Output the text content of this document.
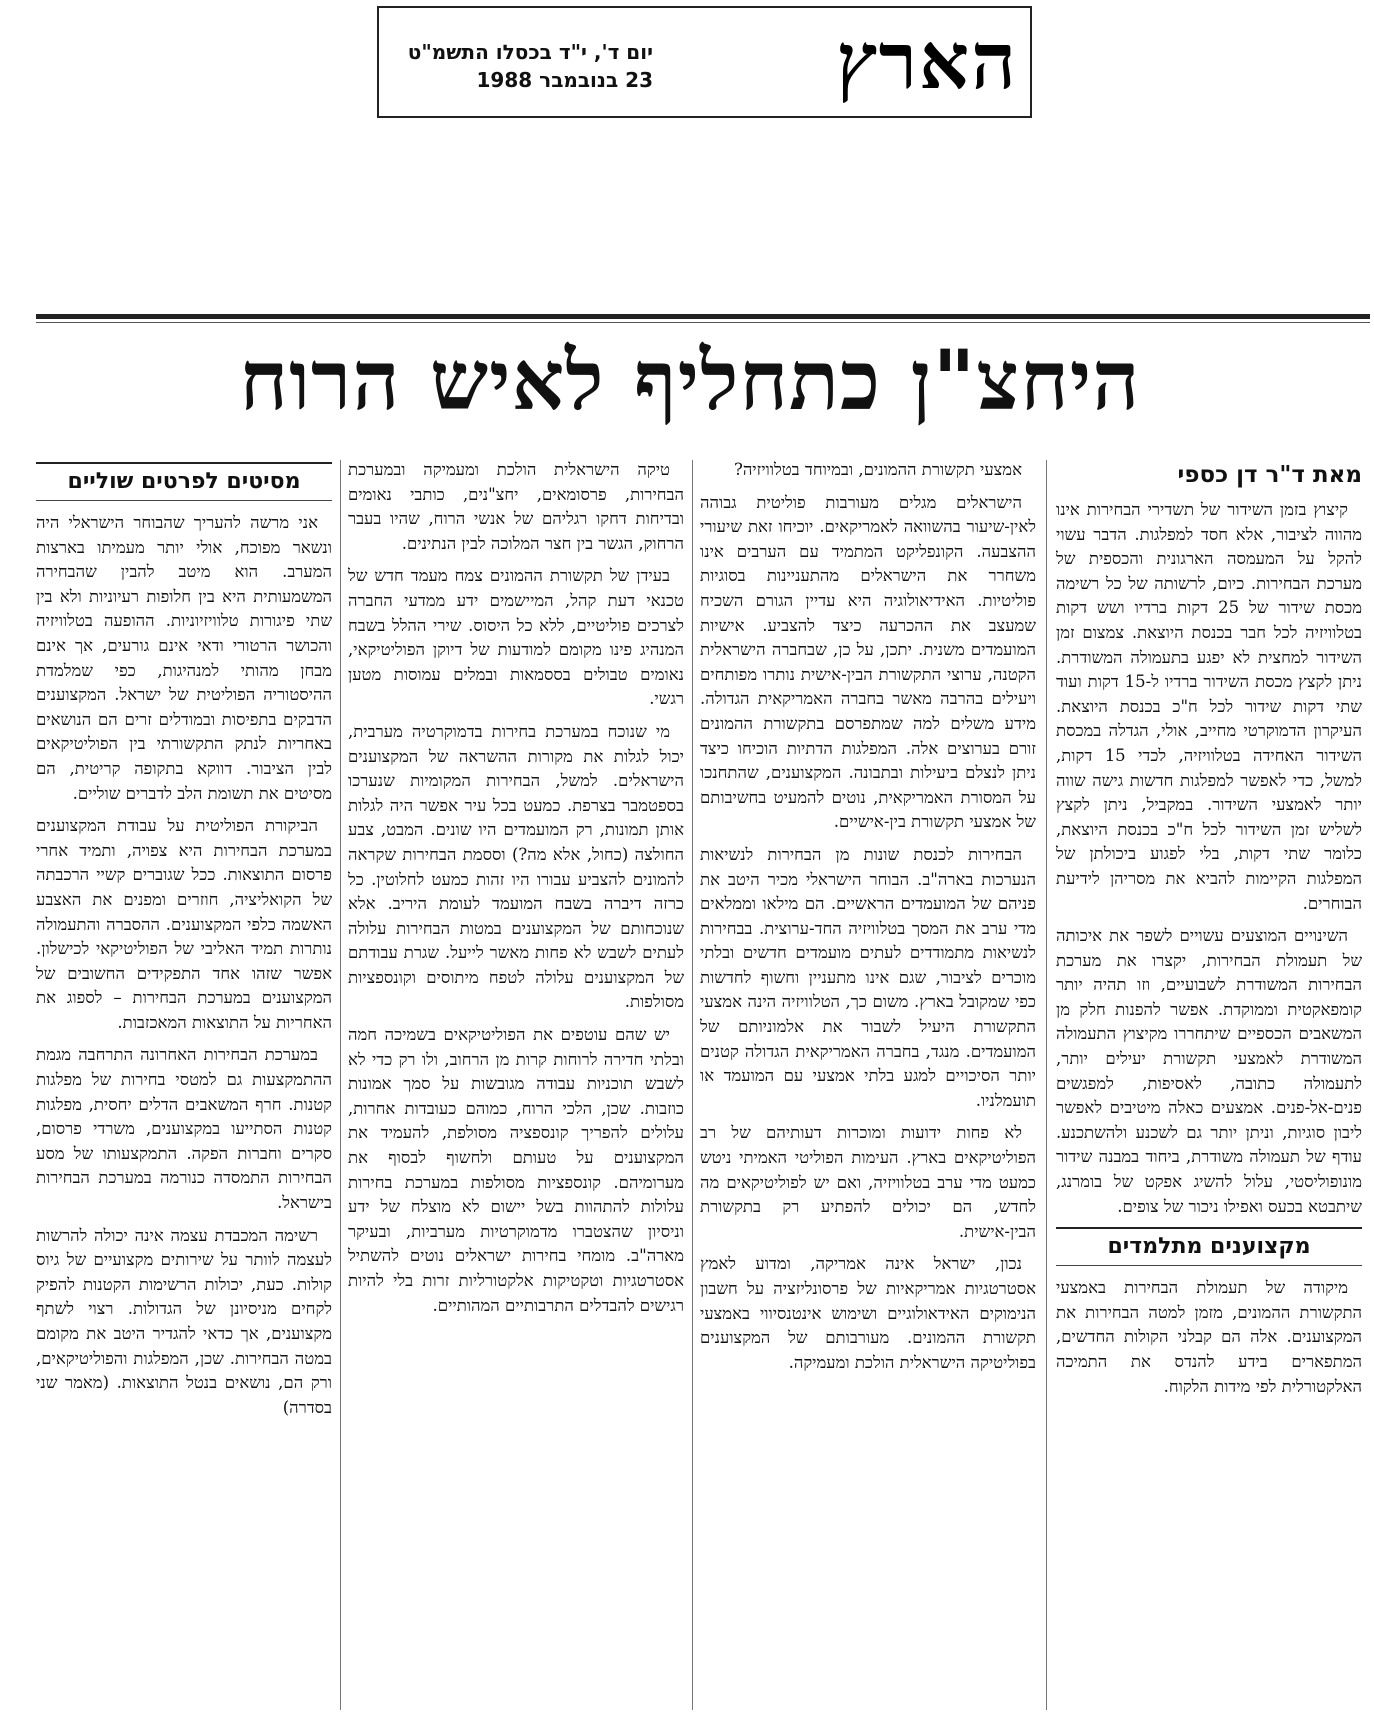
הארץ
יום ד', י"ד בכסלו התשמ"ט
23 בנובמבר 1988
היחצ"ן כתחליף לאיש הרוח
מאת ד"ר דן כספי

קיצוץ בזמן השידור של תשדירי הבחירות אינו מהווה לציבור, אלא חסד למפלגות. הדבר עשוי להקל על המעמסה הארגונית והכספית של מערכת הבחירות. כיום, לרשותה של כל רשימה מכסת שידור של 25 דקות ברדיו ושש דקות בטלוויזיה לכל חבר בכנסת היוצאת. צמצום זמן השידור למחצית לא יפגע בתעמולה המשודרת. ניתן לקצץ מכסת השידור ברדיו ל-15 דקות ועוד שתי דקות שידור לכל ח"כ בכנסת היוצאת. העיקרון הדמוקרטי מחייב, אולי, הגדלה במכסת השידור האחידה בטלוויזיה, לכדי 15 דקות, למשל, כדי לאפשר למפלגות חדשות גישה שווה יותר לאמצעי השידור. במקביל, ניתן לקצץ לשליש זמן השידור לכל ח"כ בכנסת היוצאת, כלומר שתי דקות, בלי לפגוע ביכולתן של המפלגות הקיימות להביא את מסריהן לידיעת הבוחרים.

השינויים המוצעים עשויים לשפר את איכותה של תעמולת הבחירות, יקצרו את מערכת הבחירות המשודרת לשבועיים, וזו תהיה יותר קומפאקטית וממוקדת. אפשר להפנות חלק מן המשאבים הכספיים שיתחררו מקיצוץ התעמולה המשודרת לאמצעי תקשורת יעילים יותר, לתעמולה כתובה, לאסיפות, למפגשים פנים-אל-פנים. אמצעים כאלה מיטיבים לאפשר ליבון סוגיות, וניתן יותר גם לשכנע ולהשתכנע. עודף של תעמולה משודרת, ביחוד במבנה שידור מונופוליסטי, עלול להשיג אפקט של בומרנג, שיתבטא בכעס ואפילו ניכור של צופים.

מקצוענים מתלמדים

מיקודה של תעמולת הבחירות באמצעי התקשורת ההמונים, מזמן למטה הבחירות את המקצוענים. אלה הם קבלני הקולות החדשים, המתפארים בידע להנדס את התמיכה האלקטורלית לפי מידות הלקוח.

אמצעי תקשורת ההמונים, ובמיוחד בטלוויזיה?

הישראלים מגלים מעורבות פוליטית גבוהה לאין-שיעור בהשוואה לאמריקאים. יוכיחו זאת שיעורי ההצבעה. הקונפליקט המתמיד עם הערבים אינו משחרר את הישראלים מהתעניינות בסוגיות פוליטיות. האידיאולוגיה היא עדיין הגורם השכיח שמעצב את ההכרעה כיצד להצביע. אישיות המועמדים משנית. יתכן, על כן, שבחברה הישראלית הקטנה, ערוצי התקשורת הבין-אישית נותרו מפותחים ויעילים בהרבה מאשר בחברה האמריקאית הגדולה. מידע משלים למה שמתפרסם בתקשורת ההמונים זורם בערוצים אלה. המפלגות הדתיות הוכיחו כיצד ניתן לנצלם ביעילות ובתבונה. המקצוענים, שהתחנכו על המסורת האמריקאית, נוטים להמעיט בחשיבותם של אמצעי תקשורת בין-אישיים.

הבחירות לכנסת שונות מן הבחירות לנשיאות הנערכות בארה"ב. הבוחר הישראלי מכיר היטב את פניהם של המועמדים הראשיים. הם מילאו וממלאים מדי ערב את המסך בטלוויזיה החד-ערוצית. בבחירות לנשיאות מתמודדים לעתים מועמדים חדשים ובלתי מוכרים לציבור, שגם אינו מתעניין וחשוף לחדשות כפי שמקובל בארץ. משום כך, הטלוויזיה הינה אמצעי התקשורת היעיל לשבור את אלמוניותם של המועמדים. מנגד, בחברה האמריקאית הגדולה קטנים יותר הסיכויים למגע בלתי אמצעי עם המועמד או תועמלניו.

לא פחות ידועות ומוכרות דעותיהם של רב הפוליטיקאים בארץ. העימות הפוליטי האמיתי ניטש כמעט מדי ערב בטלוויזיה, ואם יש לפוליטיקאים מה לחדש, הם יכולים להפתיע רק בתקשורת הבין-אישית.

נכון, ישראל אינה אמריקה, ומדוע לאמץ אסטרטגיות אמריקאיות של פרסונליזציה על חשבון הנימוקים האידאולוגיים ושימוש אינטנסיווי באמצעי תקשורת ההמונים. מעורבותם של המקצוענים בפוליטיקה הישראלית הולכת ומעמיקה.

טיקה הישראלית הולכת ומעמיקה ובמערכת הבחירות, פרסומאים, יחצ"נים, כותבי נאומים ובדיחות דחקו רגליהם של אנשי הרוח, שהיו בעבר הרחוק, הגשר בין חצר המלוכה לבין הנתינים.

בעידן של תקשורת ההמונים צמח מעמד חדש של טכנאי דעת קהל, המיישמים ידע ממדעי החברה לצרכים פוליטיים, ללא כל היסוס. שירי ההלל בשבח המנהיג פינו מקומם למודעות של דיוקן הפוליטיקאי, נאומים טבולים בססמאות ובמלים עמוסות מטען רגשי.

מי שנוכח במערכת בחירות בדמוקרטיה מערבית, יכול לגלות את מקורות ההשראה של המקצוענים הישראלים. למשל, הבחירות המקומיות שנערכו בספטמבר בצרפת. כמעט בכל עיר אפשר היה לגלות אותן תמונות, רק המועמדים היו שונים. המבט, צבע החולצה (כחול, אלא מה?) וססמת הבחירות שקראה להמונים להצביע עבורו היו זהות כמעט לחלוטין. כל כרזה דיברה בשבח המועמד לעומת היריב. אלא שנוכחותם של המקצוענים במטות הבחירות עלולה לעתים לשבש לא פחות מאשר לייעל. שגרת עבודתם של המקצוענים עלולה לטפח מיתוסים וקונספציות מסולפות.

יש שהם עוטפים את הפוליטיקאים בשמיכה חמה ובלתי חדירה לרוחות קרות מן הרחוב, ולו רק כדי לא לשבש תוכניות עבודה מגובשות על סמך אמונות כוזבות. שכן, הלכי הרוח, כמוהם כעובדות אחרות, עלולים להפריך קונספציה מסולפת, להעמיד את המקצוענים על טעותם ולחשוף לבסוף את מערומיהם. קונספציות מסולפות במערכת בחירות עלולות להתהוות בשל יישום לא מוצלח של ידע וניסיון שהצטברו מדמוקרטיות מערביות, ובעיקר מארה"ב. מומחי בחירות ישראלים נוטים להשתיל אסטרטגיות וטקטיקות אלקטורליות זרות בלי להיות רגישים להבדלים התרבותיים המהותיים.

מסיטים לפרטים שוליים

אני מרשה להעריך שהבוחר הישראלי היה ונשאר מפוכח, אולי יותר מעמיתו בארצות המערב. הוא מיטב להבין שהבחירה המשמעותית היא בין חלופות רעיוניות ולא בין שתי פיגורות טלוויזיוניות. ההופעה בטלוויזיה והכושר הרטורי ודאי אינם גורעים, אך אינם מבחן מהותי למנהיגות, כפי שמלמדת ההיסטוריה הפוליטית של ישראל. המקצוענים הדבקים בתפיסות ובמודלים זרים הם הנושאים באחריות לנתק התקשורתי בין הפוליטיקאים לבין הציבור. דווקא בתקופה קריטית, הם מסיטים את תשומת הלב לדברים שוליים.

הביקורת הפוליטית על עבודת המקצוענים במערכת הבחירות היא צפויה, ותמיד אחרי פרסום התוצאות. ככל שגוברים קשיי הרכבתה של הקואליציה, חוזרים ומפנים את האצבע האשמה כלפי המקצוענים. ההסברה והתעמולה נותרות תמיד האליבי של הפוליטיקאי לכישלון. אפשר שזהו אחד התפקידים החשובים של המקצוענים במערכת הבחירות – לספוג את האחריות על התוצאות המאכזבות.

במערכת הבחירות האחרונה התרחבה מגמת ההתמקצעות גם למטסי בחירות של מפלגות קטנות. חרף המשאבים הדלים יחסית, מפלגות קטנות הסתייעו במקצוענים, משרדי פרסום, סקרים וחברות הפקה. התמקצעותו של מסע הבחירות התמסדה כנורמה במערכת הבחירות בישראל.

רשימה המכבדת עצמה אינה יכולה להרשות לעצמה לוותר על שירותים מקצועיים של גיוס קולות. כעת, יכולות הרשימות הקטנות להפיק לקחים מניסיונן של הגדולות. רצוי לשתף מקצוענים, אך כדאי להגדיר היטב את מקומם במטה הבחירות. שכן, המפלגות והפוליטיקאים, ורק הם, נושאים בנטל התוצאות. (מאמר שני בסדרה)
